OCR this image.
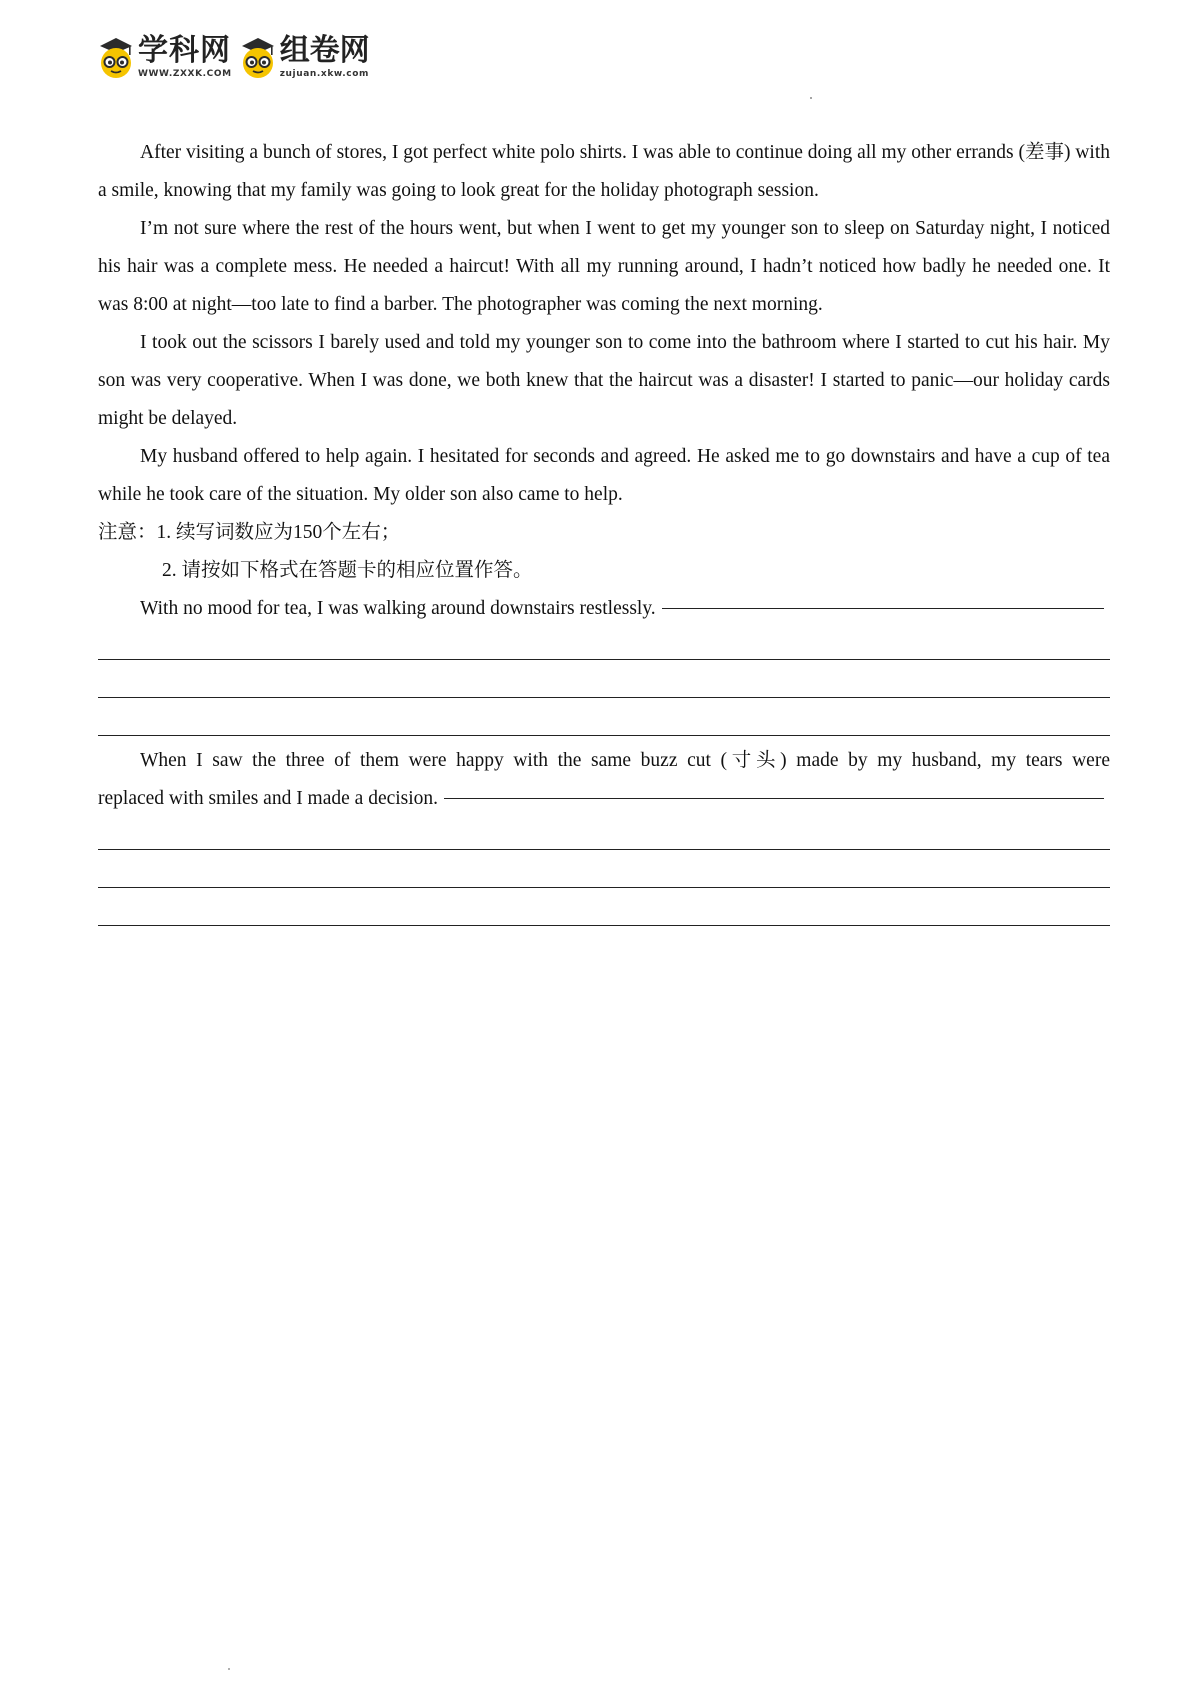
学科网
WWW.ZXXK.COM
组卷网
zujuan.xkw.com

After visiting a bunch of stores, I got perfect white polo shirts. I was able to continue doing all my other errands (差事) with a smile, knowing that my family was going to look great for the holiday photograph session.

I’m not sure where the rest of the hours went, but when I went to get my younger son to sleep on Saturday night, I noticed his hair was a complete mess. He needed a haircut! With all my running around, I hadn’t noticed how badly he needed one. It was 8:00 at night—too late to find a barber. The photographer was coming the next morning.

I took out the scissors I barely used and told my younger son to come into the bathroom where I started to cut his hair. My son was very cooperative. When I was done, we both knew that the haircut was a disaster! I started to panic—our holiday cards might be delayed.

My husband offered to help again. I hesitated for seconds and agreed. He asked me to go downstairs and have a cup of tea while he took care of the situation. My older son also came to help.

注意：1. 续写词数应为150个左右；

2. 请按如下格式在答题卡的相应位置作答。

With no mood for tea, I was walking around downstairs restlessly.

When I saw the three of them were happy with the same buzz cut (寸头) made by my husband, my tears were

replaced with smiles and I made a decision.
